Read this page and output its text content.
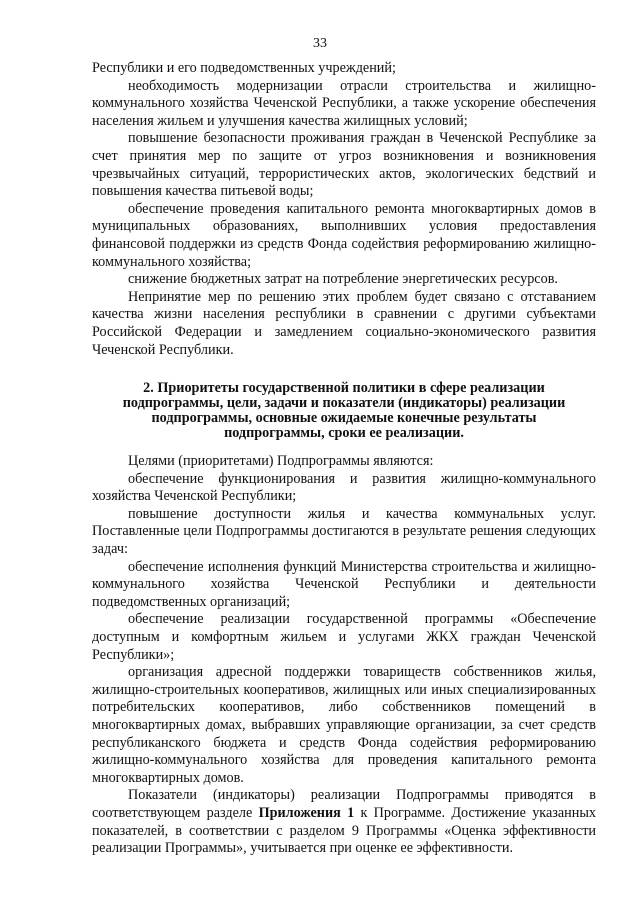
33

Республики и его подведомственных учреждений;

необходимость модернизации отрасли строительства и жилищно-коммунального хозяйства Чеченской Республики, а также ускорение обеспечения населения жильем и улучшения качества жилищных условий;

повышение безопасности проживания граждан в Чеченской Республике за счет принятия мер по защите от угроз возникновения и возникновения чрезвычайных ситуаций, террористических актов, экологических бедствий и повышения качества питьевой воды;

обеспечение проведения капитального ремонта многоквартирных домов в муниципальных образованиях, выполнивших условия предоставления финансовой поддержки из средств Фонда содействия реформированию жилищно-коммунального хозяйства;

снижение бюджетных затрат на потребление энергетических ресурсов.

Непринятие мер по решению этих проблем будет связано с отставанием качества жизни населения республики в сравнении с другими субъектами Российской Федерации и замедлением социально-экономического развития Чеченской Республики.

2. Приоритеты государственной политики в сфере реализации
подпрограммы, цели, задачи и показатели (индикаторы) реализации
подпрограммы, основные ожидаемые конечные результаты
подпрограммы, сроки ее реализации.

Целями (приоритетами) Подпрограммы являются:

обеспечение функционирования и развития жилищно-коммунального хозяйства Чеченской Республики;

повышение доступности жилья и качества коммунальных услуг. Поставленные цели Подпрограммы достигаются в результате решения следующих задач:

обеспечение исполнения функций Министерства строительства и жилищно-коммунального хозяйства Чеченской Республики и деятельности подведомственных организаций;

обеспечение реализации государственной программы «Обеспечение доступным и комфортным жильем и услугами ЖКХ граждан Чеченской Республики»;

организация адресной поддержки товариществ собственников жилья, жилищно-строительных кооперативов, жилищных или иных специализированных потребительских кооперативов, либо собственников помещений в многоквартирных домах, выбравших управляющие организации, за счет средств республиканского бюджета и средств Фонда содействия реформированию жилищно-коммунального хозяйства для проведения капитального ремонта многоквартирных домов.

Показатели (индикаторы) реализации Подпрограммы приводятся в соответствующем разделе Приложения 1 к Программе. Достижение указанных показателей, в соответствии с разделом 9 Программы «Оценка эффективности реализации Программы», учитывается при оценке ее эффективности.
